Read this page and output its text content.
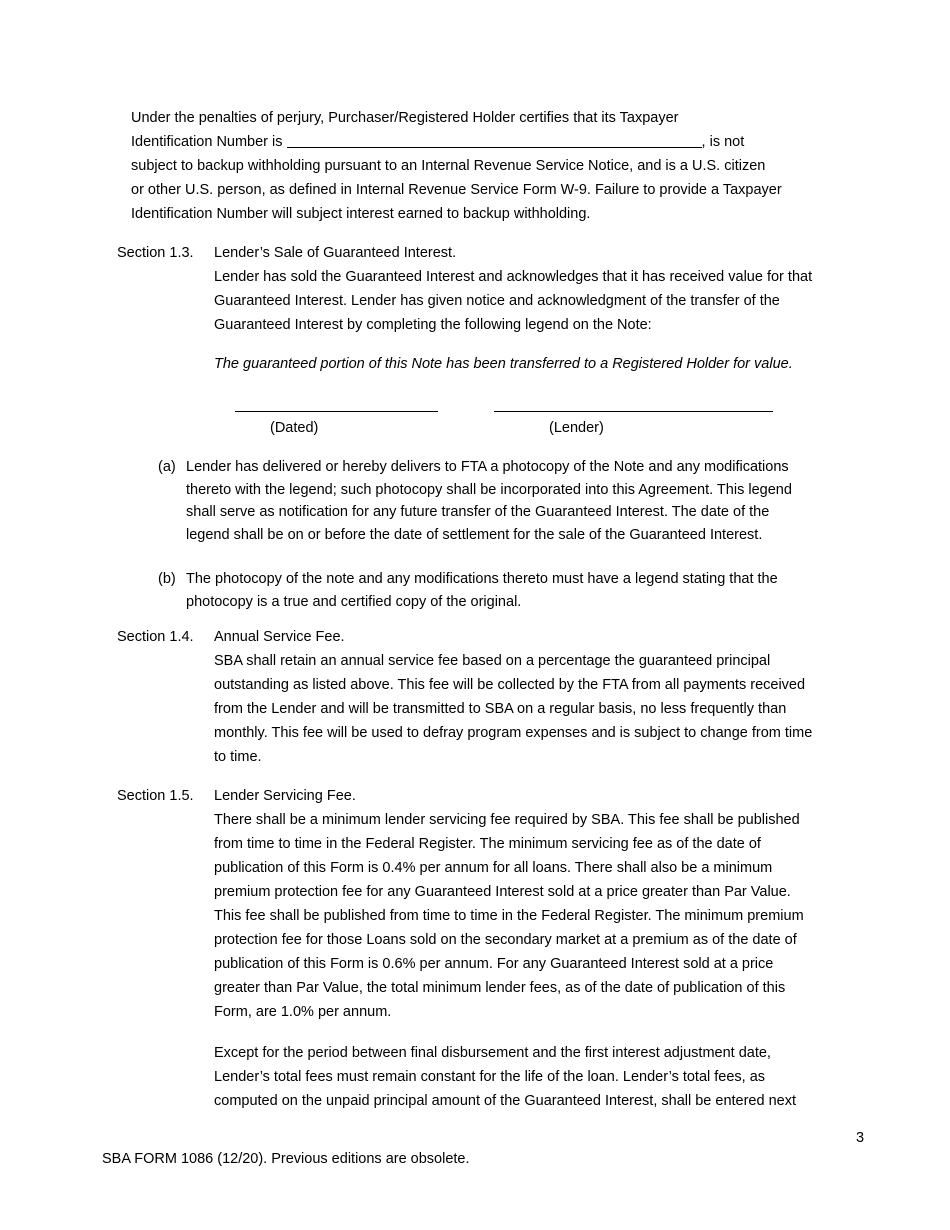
Under the penalties of perjury, Purchaser/Registered Holder certifies that its Taxpayer
Identification Number is	, is not
subject to backup withholding pursuant to an Internal Revenue Service Notice, and is a U.S. citizen
or other U.S. person, as defined in Internal Revenue Service Form W-9. Failure to provide a Taxpayer
Identification Number will subject interest earned to backup withholding.
Section 1.3. Lender’s Sale of Guaranteed Interest.
Lender has sold the Guaranteed Interest and acknowledges that it has received value for that
Guaranteed Interest. Lender has given notice and acknowledgment of the transfer of the
Guaranteed Interest by completing the following legend on the Note:
The guaranteed portion of this Note has been transferred to a Registered Holder for value.
(Dated)	(Lender)
(a) Lender has delivered or hereby delivers to FTA a photocopy of the Note and any modifications
thereto with the legend; such photocopy shall be incorporated into this Agreement. This legend
shall serve as notification for any future transfer of the Guaranteed Interest. The date of the
legend shall be on or before the date of settlement for the sale of the Guaranteed Interest.
(b) The photocopy of the note and any modifications thereto must have a legend stating that the
photocopy is a true and certified copy of the original.
Section 1.4. Annual Service Fee.
SBA shall retain an annual service fee based on a percentage the guaranteed principal
outstanding as listed above. This fee will be collected by the FTA from all payments received
from the Lender and will be transmitted to SBA on a regular basis, no less frequently than
monthly. This fee will be used to defray program expenses and is subject to change from time
to time.
Section 1.5. Lender Servicing Fee.
There shall be a minimum lender servicing fee required by SBA. This fee shall be published
from time to time in the Federal Register. The minimum servicing fee as of the date of
publication of this Form is 0.4% per annum for all loans. There shall also be a minimum
premium protection fee for any Guaranteed Interest sold at a price greater than Par Value.
This fee shall be published from time to time in the Federal Register. The minimum premium
protection fee for those Loans sold on the secondary market at a premium as of the date of
publication of this Form is 0.6% per annum. For any Guaranteed Interest sold at a price
greater than Par Value, the total minimum lender fees, as of the date of publication of this
Form, are 1.0% per annum.
Except for the period between final disbursement and the first interest adjustment date,
Lender’s total fees must remain constant for the life of the loan. Lender’s total fees, as
computed on the unpaid principal amount of the Guaranteed Interest, shall be entered next
3
SBA FORM 1086 (12/20). Previous editions are obsolete.
